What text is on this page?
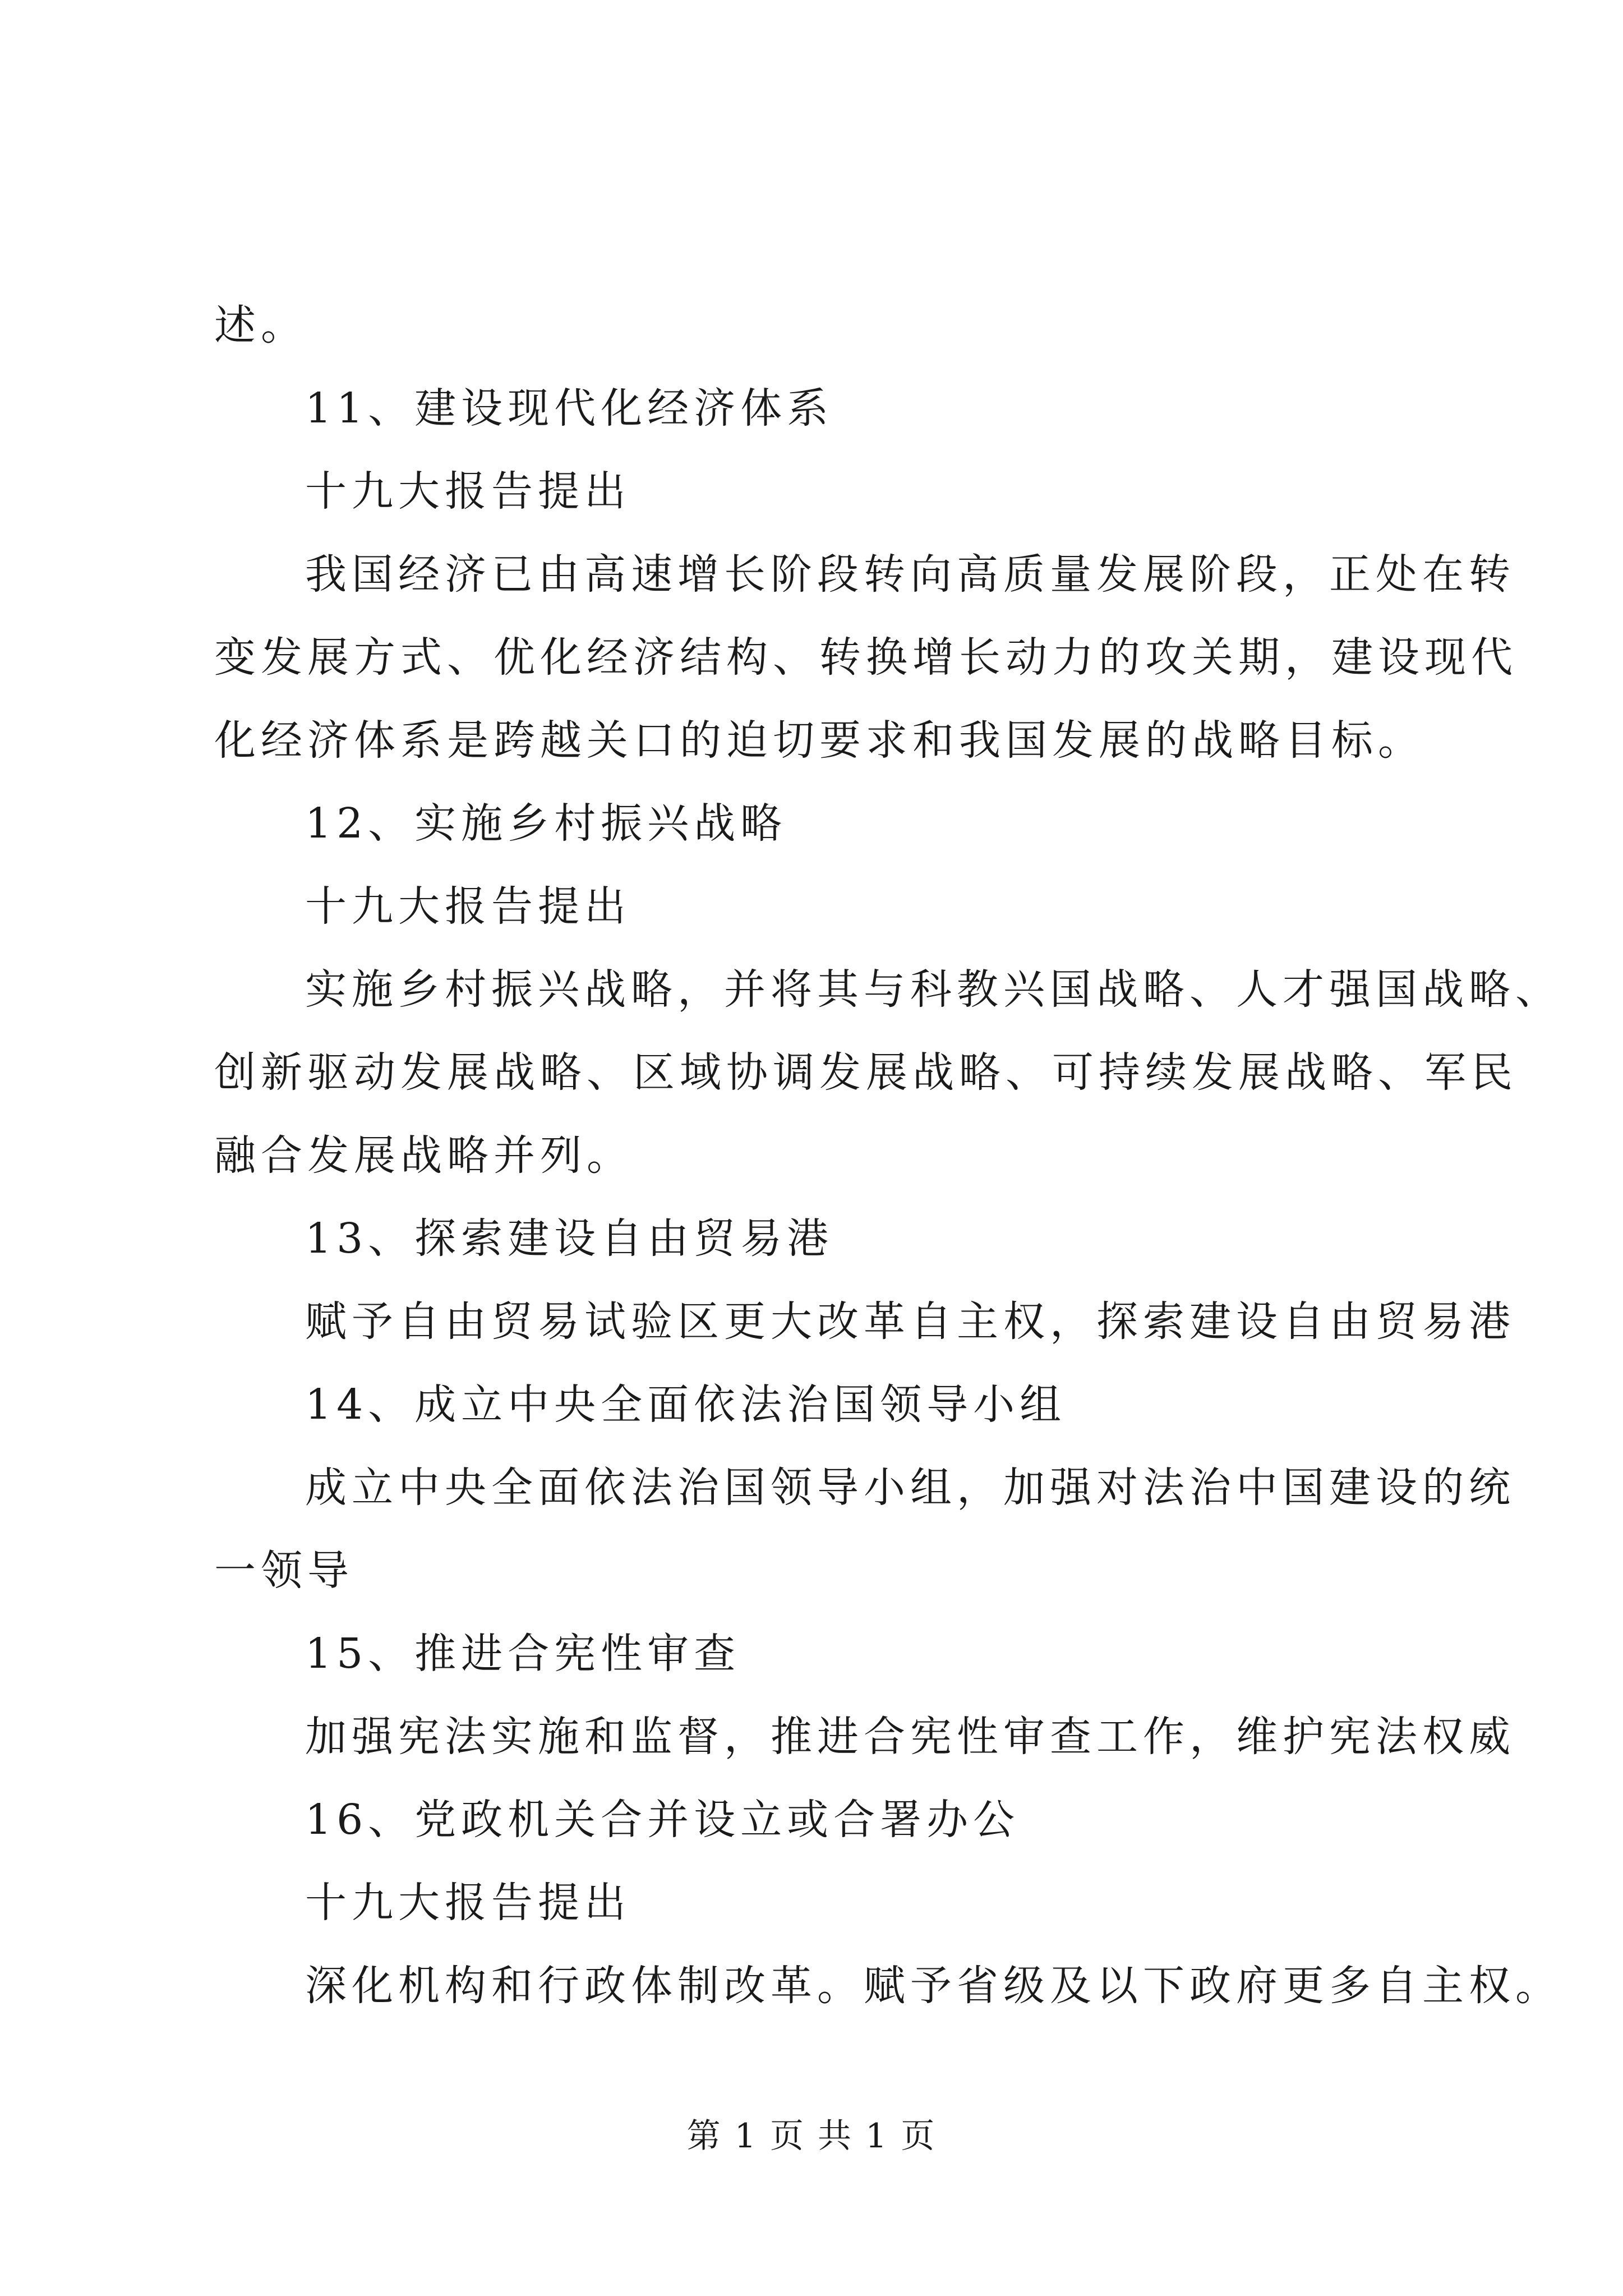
述。

11、建设现代化经济体系

十九大报告提出

我国经济已由高速增长阶段转向高质量发展阶段，正处在转

变发展方式、优化经济结构、转换增长动力的攻关期，建设现代

化经济体系是跨越关口的迫切要求和我国发展的战略目标。

12、实施乡村振兴战略

十九大报告提出

实施乡村振兴战略，并将其与科教兴国战略、人才强国战略、

创新驱动发展战略、区域协调发展战略、可持续发展战略、军民

融合发展战略并列。

13、探索建设自由贸易港

赋予自由贸易试验区更大改革自主权，探索建设自由贸易港

14、成立中央全面依法治国领导小组

成立中央全面依法治国领导小组，加强对法治中国建设的统

一领导

15、推进合宪性审查

加强宪法实施和监督，推进合宪性审查工作，维护宪法权威

16、党政机关合并设立或合署办公

十九大报告提出

深化机构和行政体制改革。赋予省级及以下政府更多自主权。

第 1 页 共 1 页
